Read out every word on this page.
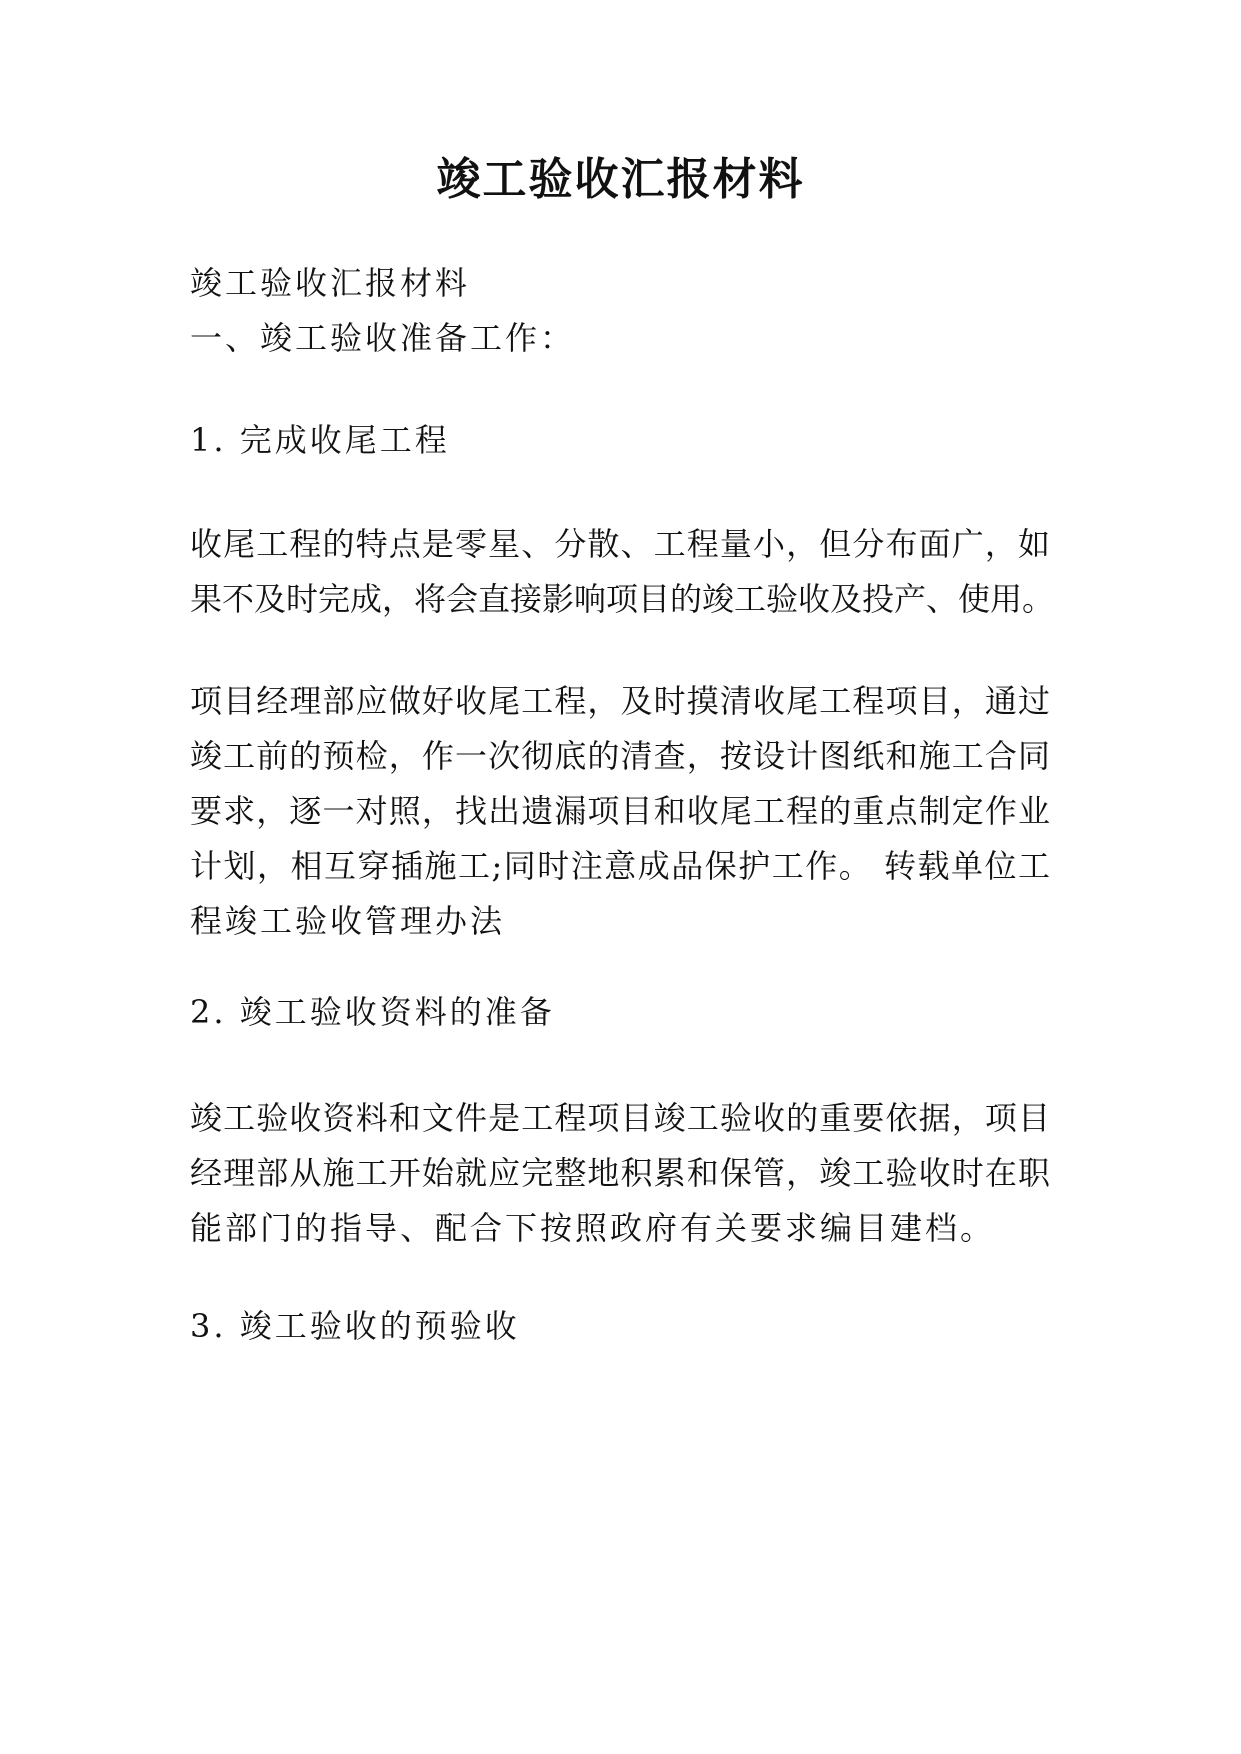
竣工验收汇报材料
竣工验收汇报材料
一、竣工验收准备工作：
1. 完成收尾工程
收尾工程的特点是零星、分散、工程量小，但分布面广，如
果不及时完成，将会直接影响项目的竣工验收及投产、使用。
项目经理部应做好收尾工程，及时摸清收尾工程项目，通过
竣工前的预检，作一次彻底的清查，按设计图纸和施工合同
要求，逐一对照，找出遗漏项目和收尾工程的重点制定作业
计划，相互穿插施工;同时注意成品保护工作。 转载单位工
程竣工验收管理办法
2. 竣工验收资料的准备
竣工验收资料和文件是工程项目竣工验收的重要依据，项目
经理部从施工开始就应完整地积累和保管，竣工验收时在职
能部门的指导、配合下按照政府有关要求编目建档。
3. 竣工验收的预验收
